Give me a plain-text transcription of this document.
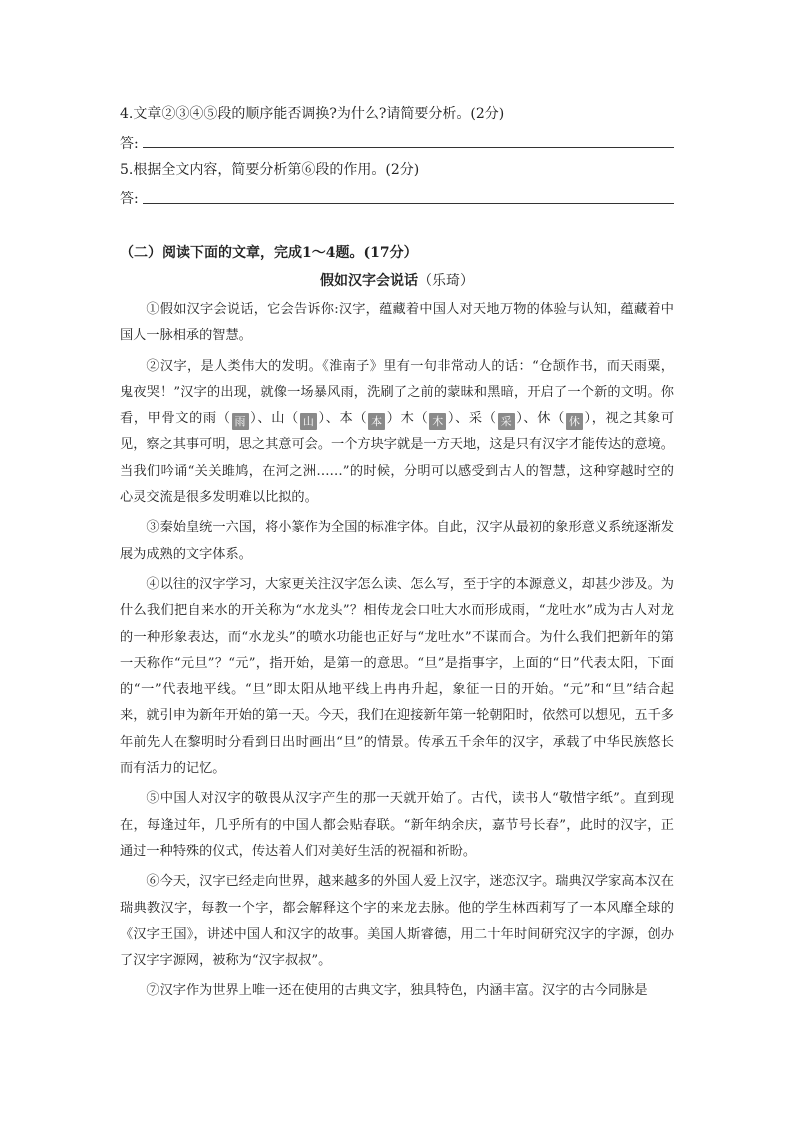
4.文章②③④⑤段的顺序能否调换?为什么?请简要分析。(2分)
答:
5.根据全文内容，简要分析第⑥段的作用。(2分)
答:
（二）阅读下面的文章，完成1～4题。(17分）
假如汉字会说话（乐琦）

①假如汉字会说话，它会告诉你:汉字，蕴藏着中国人对天地万物的体验与认知，蕴藏着中国人一脉相承的智慧。

②汉字，是人类伟大的发明。《淮南子》里有一句非常动人的话：“仓颉作书，而天雨粟，鬼夜哭！”汉字的出现，就像一场暴风雨，洗刷了之前的蒙昧和黑暗，开启了一个新的文明。你看，甲骨文的雨（ 雨 ）、山（ 山 ）、本（ 本 ）木（ 木 ）、采（ 采 ）、休（ 休 ），视之其象可见，察之其事可明，思之其意可会。一个方块字就是一方天地，这是只有汉字才能传达的意境。当我们吟诵“关关雎鸠，在河之洲……”的时候，分明可以感受到古人的智慧，这种穿越时空的心灵交流是很多发明难以比拟的。

③秦始皇统一六国，将小篆作为全国的标准字体。自此，汉字从最初的象形意义系统逐渐发展为成熟的文字体系。

④以往的汉字学习，大家更关注汉字怎么读、怎么写，至于字的本源意义，却甚少涉及。为什么我们把自来水的开关称为“水龙头”？相传龙会口吐大水而形成雨，“龙吐水”成为古人对龙的一种形象表达，而“水龙头”的喷水功能也正好与“龙吐水”不谋而合。为什么我们把新年的第一天称作“元旦”？“元”，指开始，是第一的意思。“旦”是指事字，上面的“日”代表太阳，下面的“一”代表地平线。“旦”即太阳从地平线上冉冉升起，象征一日的开始。“元”和“旦”结合起来，就引申为新年开始的第一天。今天，我们在迎接新年第一轮朝阳时，依然可以想见，五千多年前先人在黎明时分看到日出时画出“旦”的情景。传承五千余年的汉字，承载了中华民族悠长而有活力的记忆。

⑤中国人对汉字的敬畏从汉字产生的那一天就开始了。古代，读书人“敬惜字纸”。直到现在，每逢过年，几乎所有的中国人都会贴春联。“新年纳余庆，嘉节号长春”，此时的汉字，正通过一种特殊的仪式，传达着人们对美好生活的祝福和祈盼。

⑥今天，汉字已经走向世界，越来越多的外国人爱上汉字，迷恋汉字。瑞典汉学家高本汉在瑞典教汉字，每教一个字，都会解释这个字的来龙去脉。他的学生林西莉写了一本风靡全球的《汉字王国》，讲述中国人和汉字的故事。美国人斯睿德，用二十年时间研究汉字的字源，创办了汉字字源网，被称为“汉字叔叔”。

⑦汉字作为世界上唯一还在使用的古典文字，独具特色，内涵丰富。汉字的古今同脉是
